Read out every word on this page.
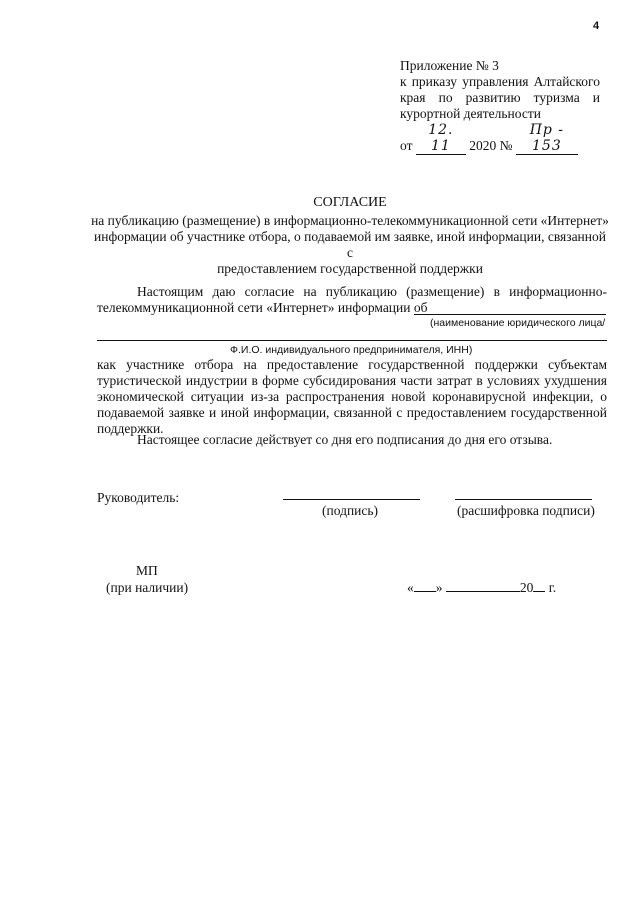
4
Приложение № 3
к приказу управления Алтайского
края по развитию туризма и
курортной деятельности
от 12. 11 2020 № Пр - 153
СОГЛАСИЕ
на публикацию (размещение) в информационно-телекоммуникационной сети «Интернет»
информации об участнике отбора, о подаваемой им заявке, иной информации, связанной с
предоставлением государственной поддержки
Настоящим даю согласие на публикацию (размещение) в информационно-
телекоммуникационной сети «Интернет» информации об
(наименование юридического лица/
Ф.И.О. индивидуального предпринимателя, ИНН)
как участнике отбора на предоставление государственной поддержки субъектам туристической индустрии в форме субсидирования части затрат в условиях ухудшения экономической ситуации из-за распространения новой коронавирусной инфекции, о подаваемой заявке и иной информации, связанной с предоставлением государственной поддержки.
Настоящее согласие действует со дня его подписания до дня его отзыва.
Руководитель:
(подпись)	(расшифровка подписи)
МП
(при наличии)	« »	20 г.
